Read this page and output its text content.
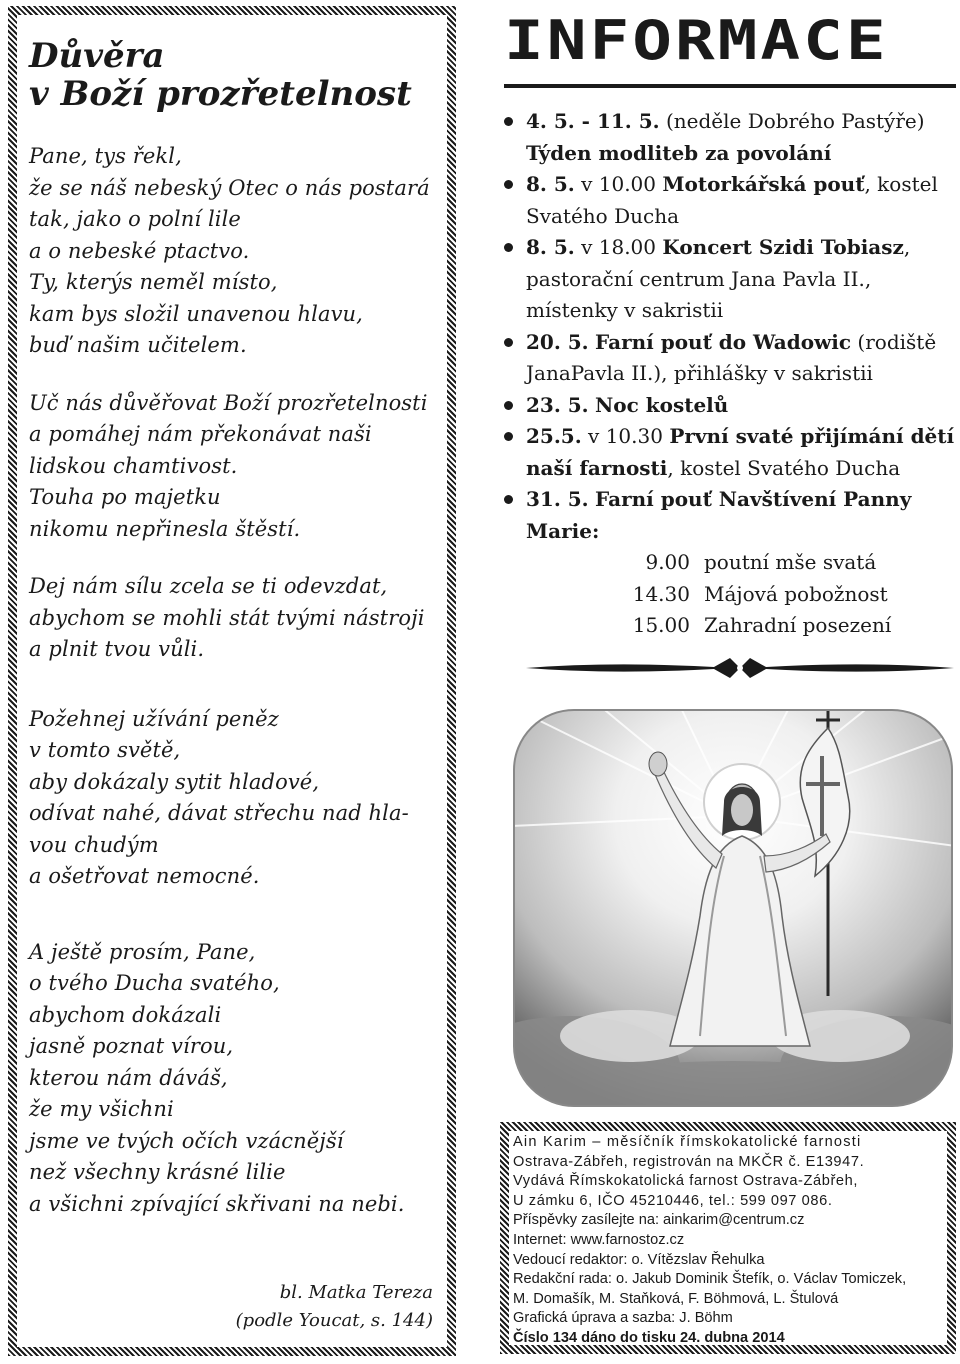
Důvěra
v Boží prozřetelnost
Pane, tys řekl,
že se náš nebeský Otec o nás postará
tak, jako o polní lile
a o nebeské ptactvo.
Ty, kterýs neměl místo,
kam bys složil unavenou hlavu,
buď našim učitelem.
Uč nás důvěřovat Boží prozřetelnosti
a pomáhej nám překonávat naši
lidskou chamtivost.
Touha po majetku
nikomu nepřinesla štěstí.
Dej nám sílu zcela se ti odevzdat,
abychom se mohli stát tvými nástroji
a plnit tvou vůli.
Požehnej užívání peněz
v tomto světě,
aby dokázaly sytit hladové,
odívat nahé, dávat střechu nad hla-
vou chudým
a ošetřovat nemocné.
A ještě prosím, Pane,
o tvého Ducha svatého,
abychom dokázali
jasně poznat vírou,
kterou nám dáváš,
že my všichni
jsme ve tvých očích vzácnější
než všechny krásné lilie
a všichni zpívající skřivani na nebi.
bl. Matka Tereza
(podle Youcat, s. 144)
INFORMACE
4. 5. - 11. 5. (neděle Dobrého Pastýře)
Týden modliteb za povolání
8. 5. v 10.00 Motorkářská pouť, kostel Svatého Ducha
8. 5. v 18.00 Koncert Szidi Tobiasz, pastorační centrum Jana Pavla II., místenky v sakristii
20. 5. Farní pouť do Wadowic (rodiště JanaPavla II.), přihlášky v sakristii
23. 5. Noc kostelů
25.5. v 10.30 První svaté přijímání dětí naší farnosti, kostel Svatého Ducha
31. 5. Farní pouť Navštívení Panny Marie:
9.00 poutní mše svatá
14.30 Májová pobožnost
15.00 Zahradní posezení
Ain Karim – měsíčník římskokatolické farnosti
Ostrava-Zábřeh, registrován na MKČR č. E13947.
Vydává Římskokatolická farnost Ostrava-Zábřeh,
U zámku 6, IČO 45210446, tel.: 599 097 086.
Příspěvky zasílejte na: ainkarim@centrum.cz
Internet: www.farnostoz.cz
Vedoucí redaktor: o. Vítězslav Řehulka
Redakční rada: o. Jakub Dominik Štefík, o. Václav Tomiczek,
M. Domašík, M. Staňková, F. Böhmová, L. Štulová
Grafická úprava a sazba: J. Böhm
Číslo 134 dáno do tisku 24. dubna 2014
